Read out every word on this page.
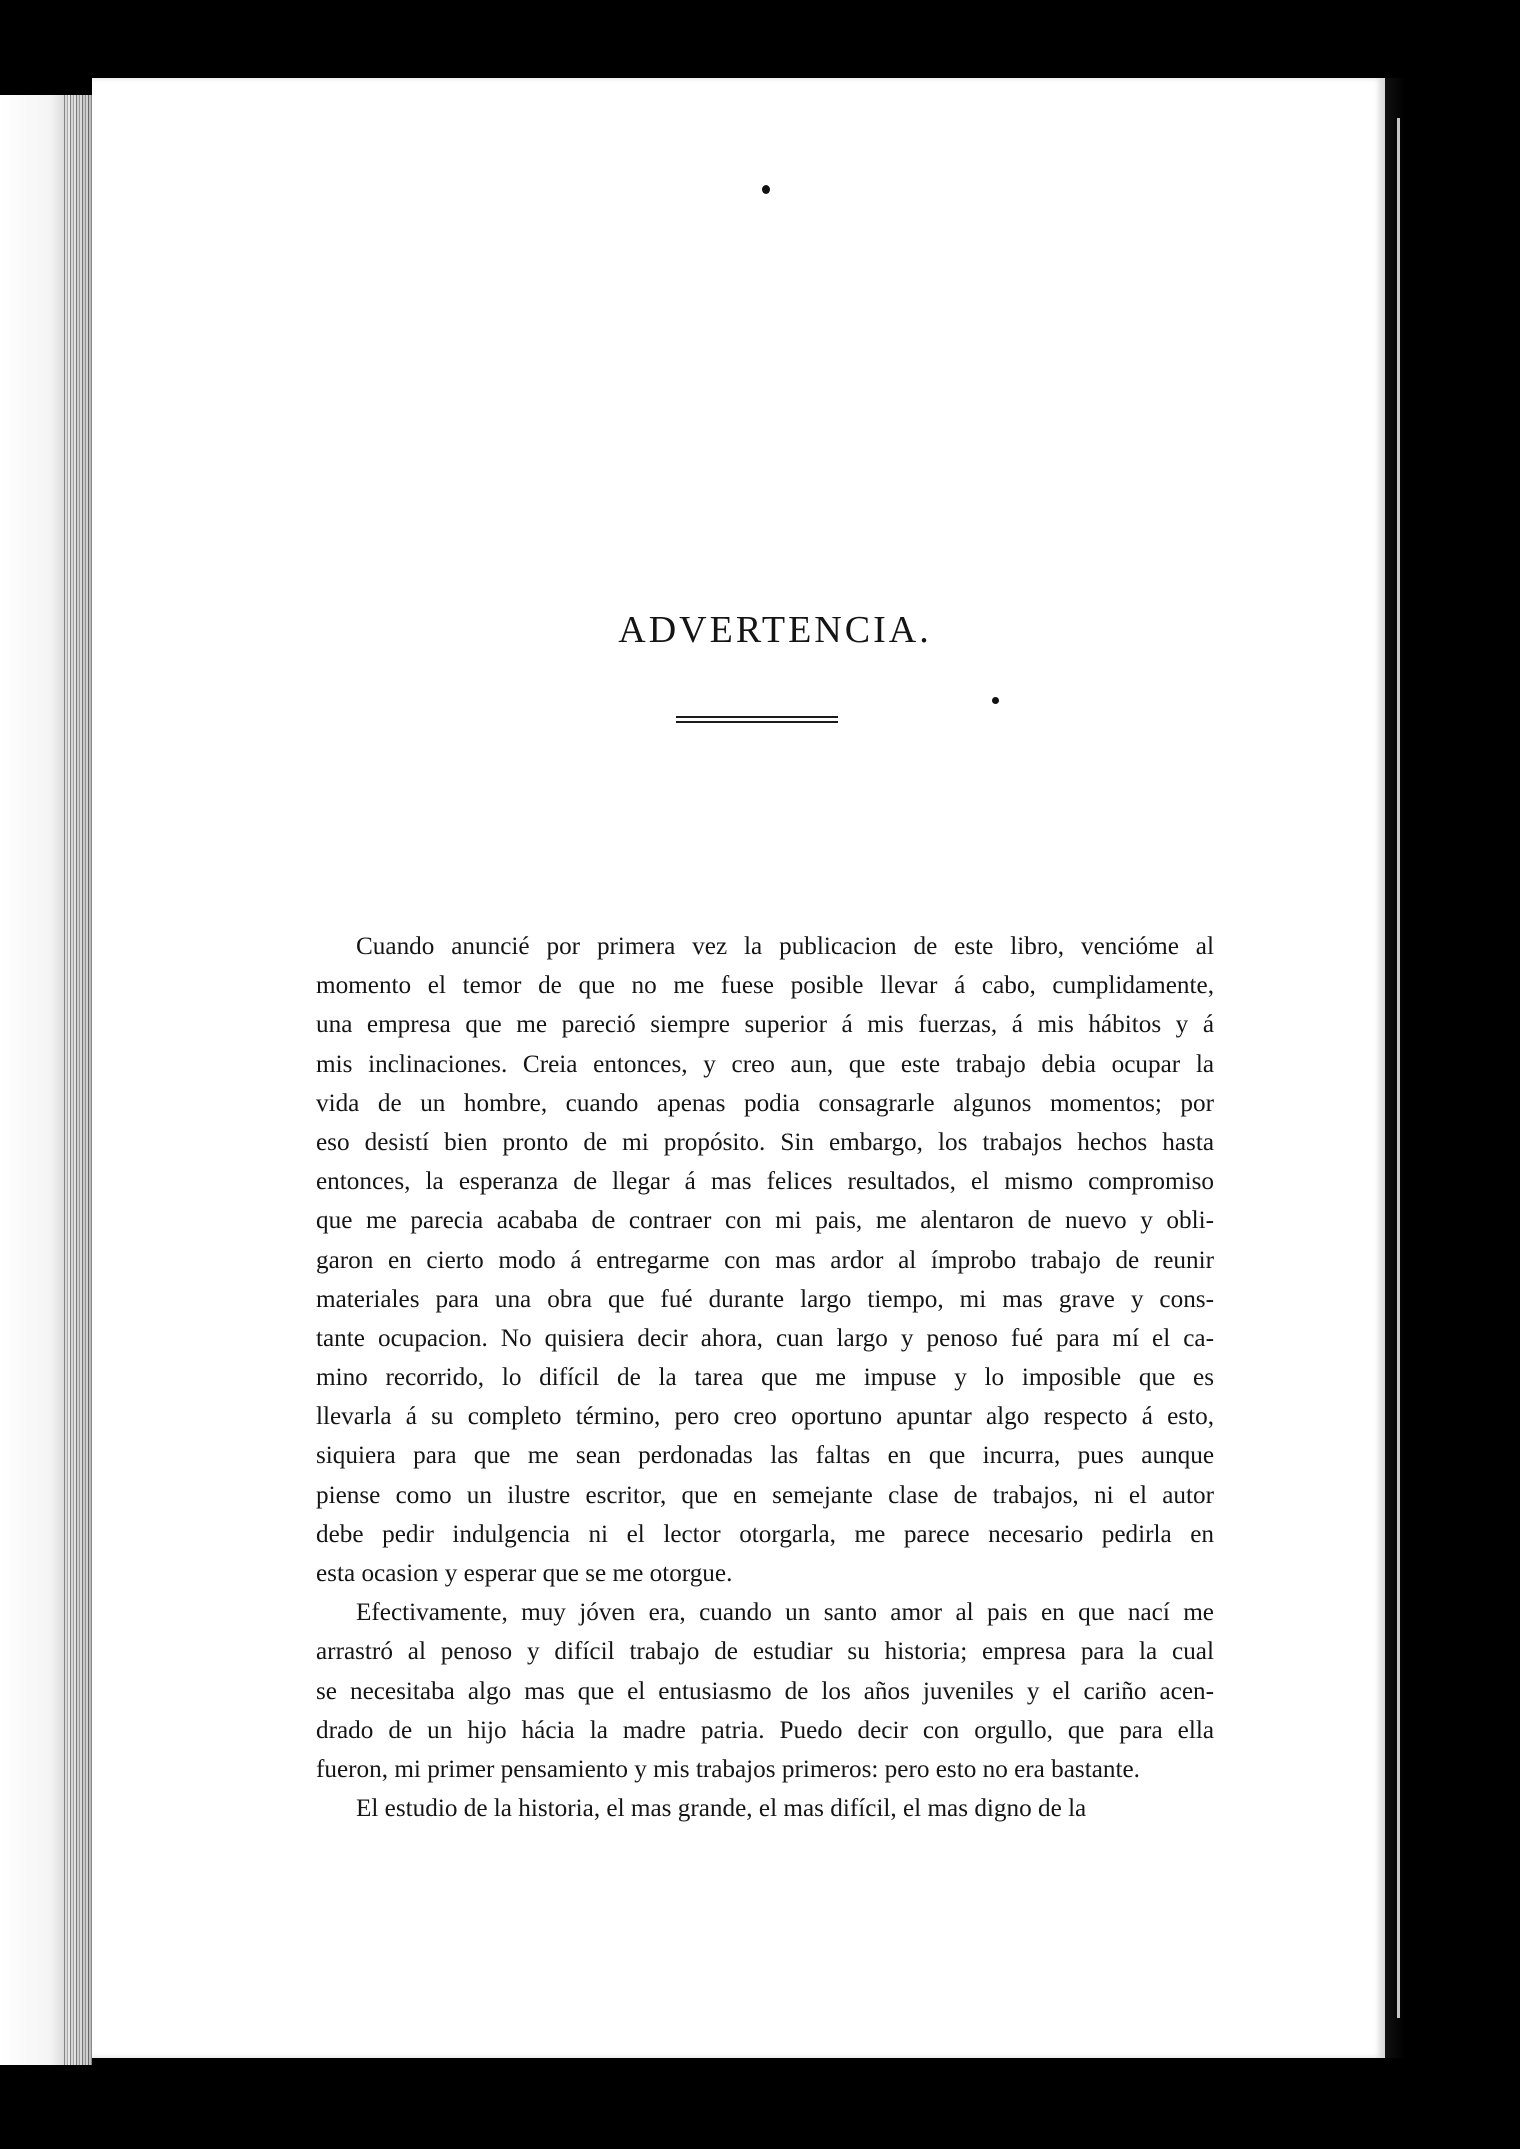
ADVERTENCIA.
Cuando anuncié por primera vez la publicacion de este libro, vencióme al
momento el temor de que no me fuese posible llevar á cabo, cumplidamente,
una empresa que me pareció siempre superior á mis fuerzas, á mis hábitos y á
mis inclinaciones. Creia entonces, y creo aun, que este trabajo debia ocupar la
vida de un hombre, cuando apenas podia consagrarle algunos momentos; por
eso desistí bien pronto de mi propósito. Sin embargo, los trabajos hechos hasta
entonces, la esperanza de llegar á mas felices resultados, el mismo compromiso
que me parecia acababa de contraer con mi pais, me alentaron de nuevo y obli-
garon en cierto modo á entregarme con mas ardor al ímprobo trabajo de reunir
materiales para una obra que fué durante largo tiempo, mi mas grave y cons-
tante ocupacion. No quisiera decir ahora, cuan largo y penoso fué para mí el ca-
mino recorrido, lo difícil de la tarea que me impuse y lo imposible que es
llevarla á su completo término, pero creo oportuno apuntar algo respecto á esto,
siquiera para que me sean perdonadas las faltas en que incurra, pues aunque
piense como un ilustre escritor, que en semejante clase de trabajos, ni el autor
debe pedir indulgencia ni el lector otorgarla, me parece necesario pedirla en
esta ocasion y esperar que se me otorgue.
Efectivamente, muy jóven era, cuando un santo amor al pais en que nací me
arrastró al penoso y difícil trabajo de estudiar su historia; empresa para la cual
se necesitaba algo mas que el entusiasmo de los años juveniles y el cariño acen-
drado de un hijo hácia la madre patria. Puedo decir con orgullo, que para ella
fueron, mi primer pensamiento y mis trabajos primeros: pero esto no era bastante.
El estudio de la historia, el mas grande, el mas difícil, el mas digno de la
